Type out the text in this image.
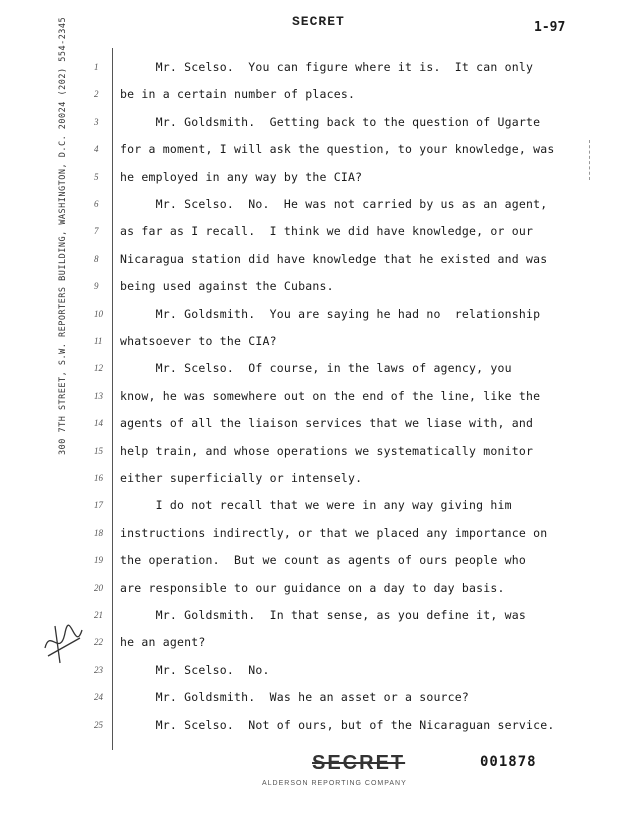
SECRET	1-97
300 7TH STREET, S.W. REPORTERS BUILDING, WASHINGTON, D.C. 20024 (202) 554-2345	1 Mr. Scelso.  You can figure where it is.  It can only
2 be in a certain number of places.
3 Mr. Goldsmith.  Getting back to the question of Ugarte
4 for a moment, I will ask the question, to your knowledge, was
5 he employed in any way by the CIA?
6 Mr. Scelso.  No.  He was not carried by us as an agent,
7 as far as I recall.  I think we did have knowledge, or our
8 Nicaragua station did have knowledge that he existed and was
9 being used against the Cubans.
10 Mr. Goldsmith.  You are saying he had no  relationship
11 whatsoever to the CIA?
12 Mr. Scelso.  Of course, in the laws of agency, you
13 know, he was somewhere out on the end of the line, like the
14 agents of all the liaison services that we liase with, and
15 help train, and whose operations we systematically monitor
16 either superficially or intensely.
17 I do not recall that we were in any way giving him
18 instructions indirectly, or that we placed any importance on
19 the operation.  But we count as agents of ours people who
20 are responsible to our guidance on a day to day basis.
21 Mr. Goldsmith.  In that sense, as you define it, was
22 he an agent?
23 Mr. Scelso.  No.
24 Mr. Goldsmith.  Was he an asset or a source?
25 Mr. Scelso.  Not of ours, but of the Nicaraguan service.
SECRET	001878
ALDERSON REPORTING COMPANY
